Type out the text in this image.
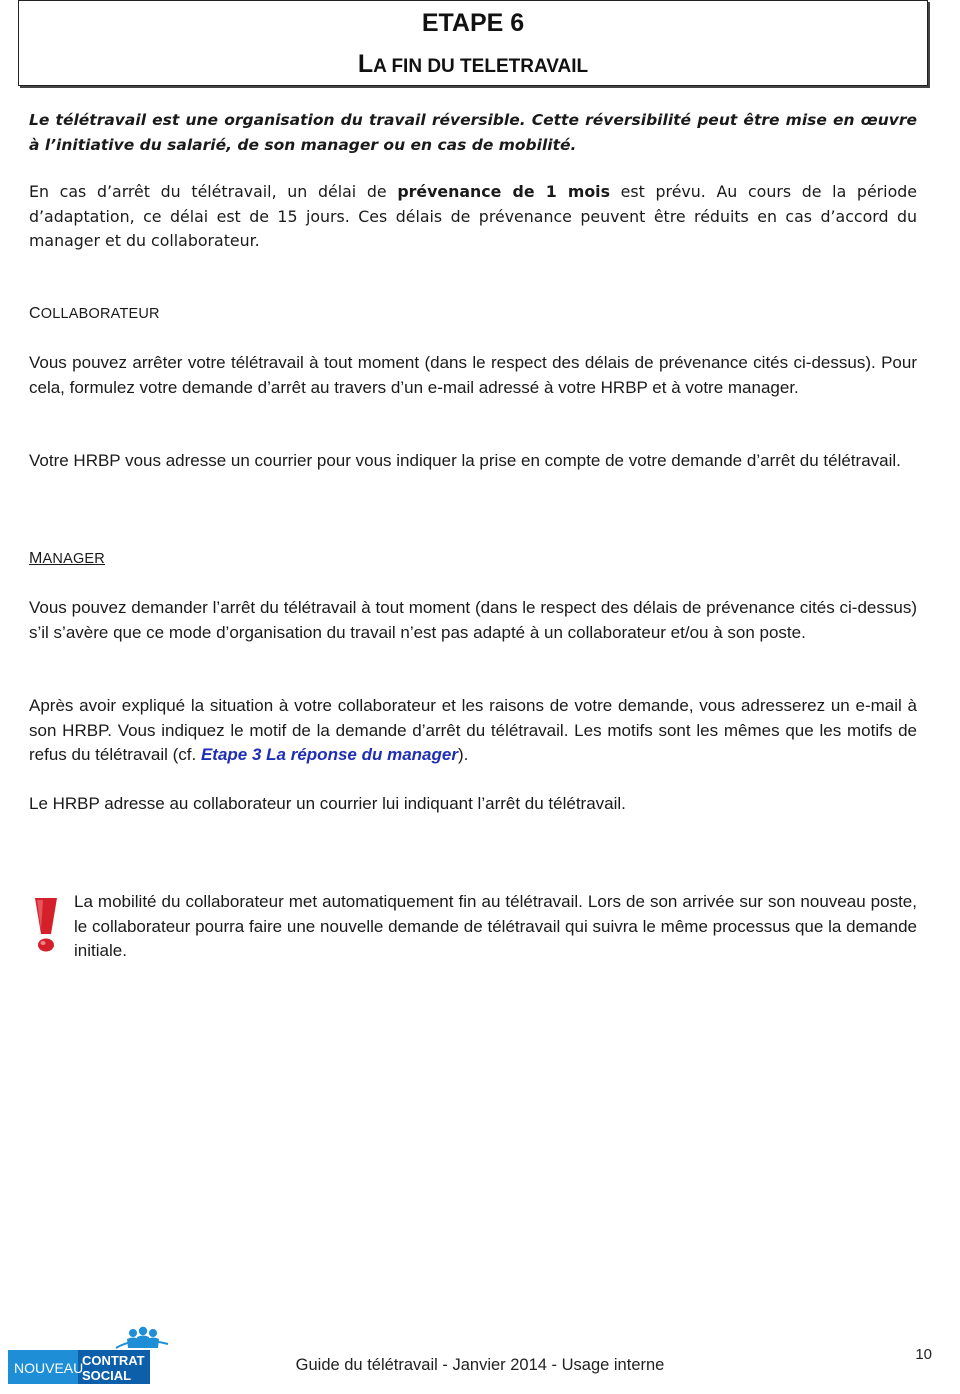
ETAPE 6
LA FIN DU TELETRAVAIL

Le télétravail est une organisation du travail réversible. Cette réversibilité peut être mise en œuvre à l’initiative du salarié, de son manager ou en cas de mobilité.

En cas d’arrêt du télétravail, un délai de prévenance de 1 mois est prévu. Au cours de la période d’adaptation, ce délai est de 15 jours. Ces délais de prévenance peuvent être réduits en cas d’accord du manager et du collaborateur.

COLLABORATEUR

Vous pouvez arrêter votre télétravail à tout moment (dans le respect des délais de prévenance cités ci-dessus). Pour cela, formulez votre demande d’arrêt au travers d’un e-mail adressé à votre HRBP et à votre manager.

Votre HRBP vous adresse un courrier pour vous indiquer la prise en compte de votre demande d’arrêt du télétravail.

MANAGER

Vous pouvez demander l’arrêt du télétravail à tout moment (dans le respect des délais de prévenance cités ci-dessus) s’il s’avère que ce mode d’organisation du travail n’est pas adapté à un collaborateur et/ou à son poste.

Après avoir expliqué la situation à votre collaborateur et les raisons de votre demande, vous adresserez un e-mail à son HRBP. Vous indiquez le motif de la demande d’arrêt du télétravail. Les motifs sont les mêmes que les motifs de refus du télétravail (cf. Etape 3 La réponse du manager).

Le HRBP adresse au collaborateur un courrier lui indiquant l’arrêt du télétravail.

La mobilité du collaborateur met automatiquement fin au télétravail. Lors de son arrivée sur son nouveau poste, le collaborateur pourra faire une nouvelle demande de télétravail qui suivra le même processus que la demande initiale.

NOUVEAU
CONTRAT
SOCIAL
Guide du télétravail - Janvier 2014 - Usage interne
10
